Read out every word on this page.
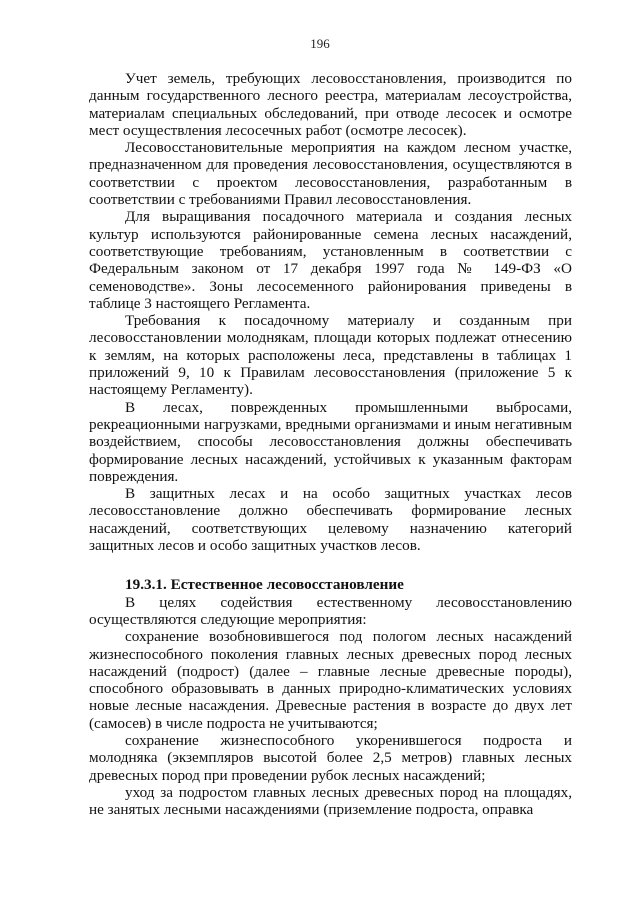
196

Учет земель, требующих лесовосстановления, производится по данным государственного лесного реестра, материалам лесоустройства, материалам специальных обследований, при отводе лесосек и осмотре мест осуществления лесосечных работ (осмотре лесосек).

Лесовосстановительные мероприятия на каждом лесном участке, предназначенном для проведения лесовосстановления, осуществляются в соответствии с проектом лесовосстановления, разработанным в соответствии с требованиями Правил лесовосстановления.

Для выращивания посадочного материала и создания лесных культур используются районированные семена лесных насаждений, соответствующие требованиям, установленным в соответствии с Федеральным законом от 17 декабря 1997 года № 149-ФЗ «О семеноводстве». Зоны лесосеменного районирования приведены в таблице 3 настоящего Регламента.

Требования к посадочному материалу и созданным при лесовосстановлении молоднякам, площади которых подлежат отнесению к землям, на которых расположены леса, представлены в таблицах 1 приложений 9, 10 к Правилам лесовосстановления (приложение 5 к настоящему Регламенту).

В лесах, поврежденных промышленными выбросами, рекреационными нагрузками, вредными организмами и иным негативным воздействием, способы лесовосстановления должны обеспечивать формирование лесных насаждений, устойчивых к указанным факторам повреждения.

В защитных лесах и на особо защитных участках лесов лесовосстановление должно обеспечивать формирование лесных насаждений, соответствующих целевому назначению категорий защитных лесов и особо защитных участков лесов.

19.3.1. Естественное лесовосстановление

В целях содействия естественному лесовосстановлению осуществляются следующие мероприятия:

сохранение возобновившегося под пологом лесных насаждений жизнеспособного поколения главных лесных древесных пород лесных насаждений (подрост) (далее – главные лесные древесные породы), способного образовывать в данных природно-климатических условиях новые лесные насаждения. Древесные растения в возрасте до двух лет (самосев) в числе подроста не учитываются;

сохранение жизнеспособного укоренившегося подроста и молодняка (экземпляров высотой более 2,5 метров) главных лесных древесных пород при проведении рубок лесных насаждений;

уход за подростом главных лесных древесных пород на площадях, не занятых лесными насаждениями (приземление подроста, оправка
